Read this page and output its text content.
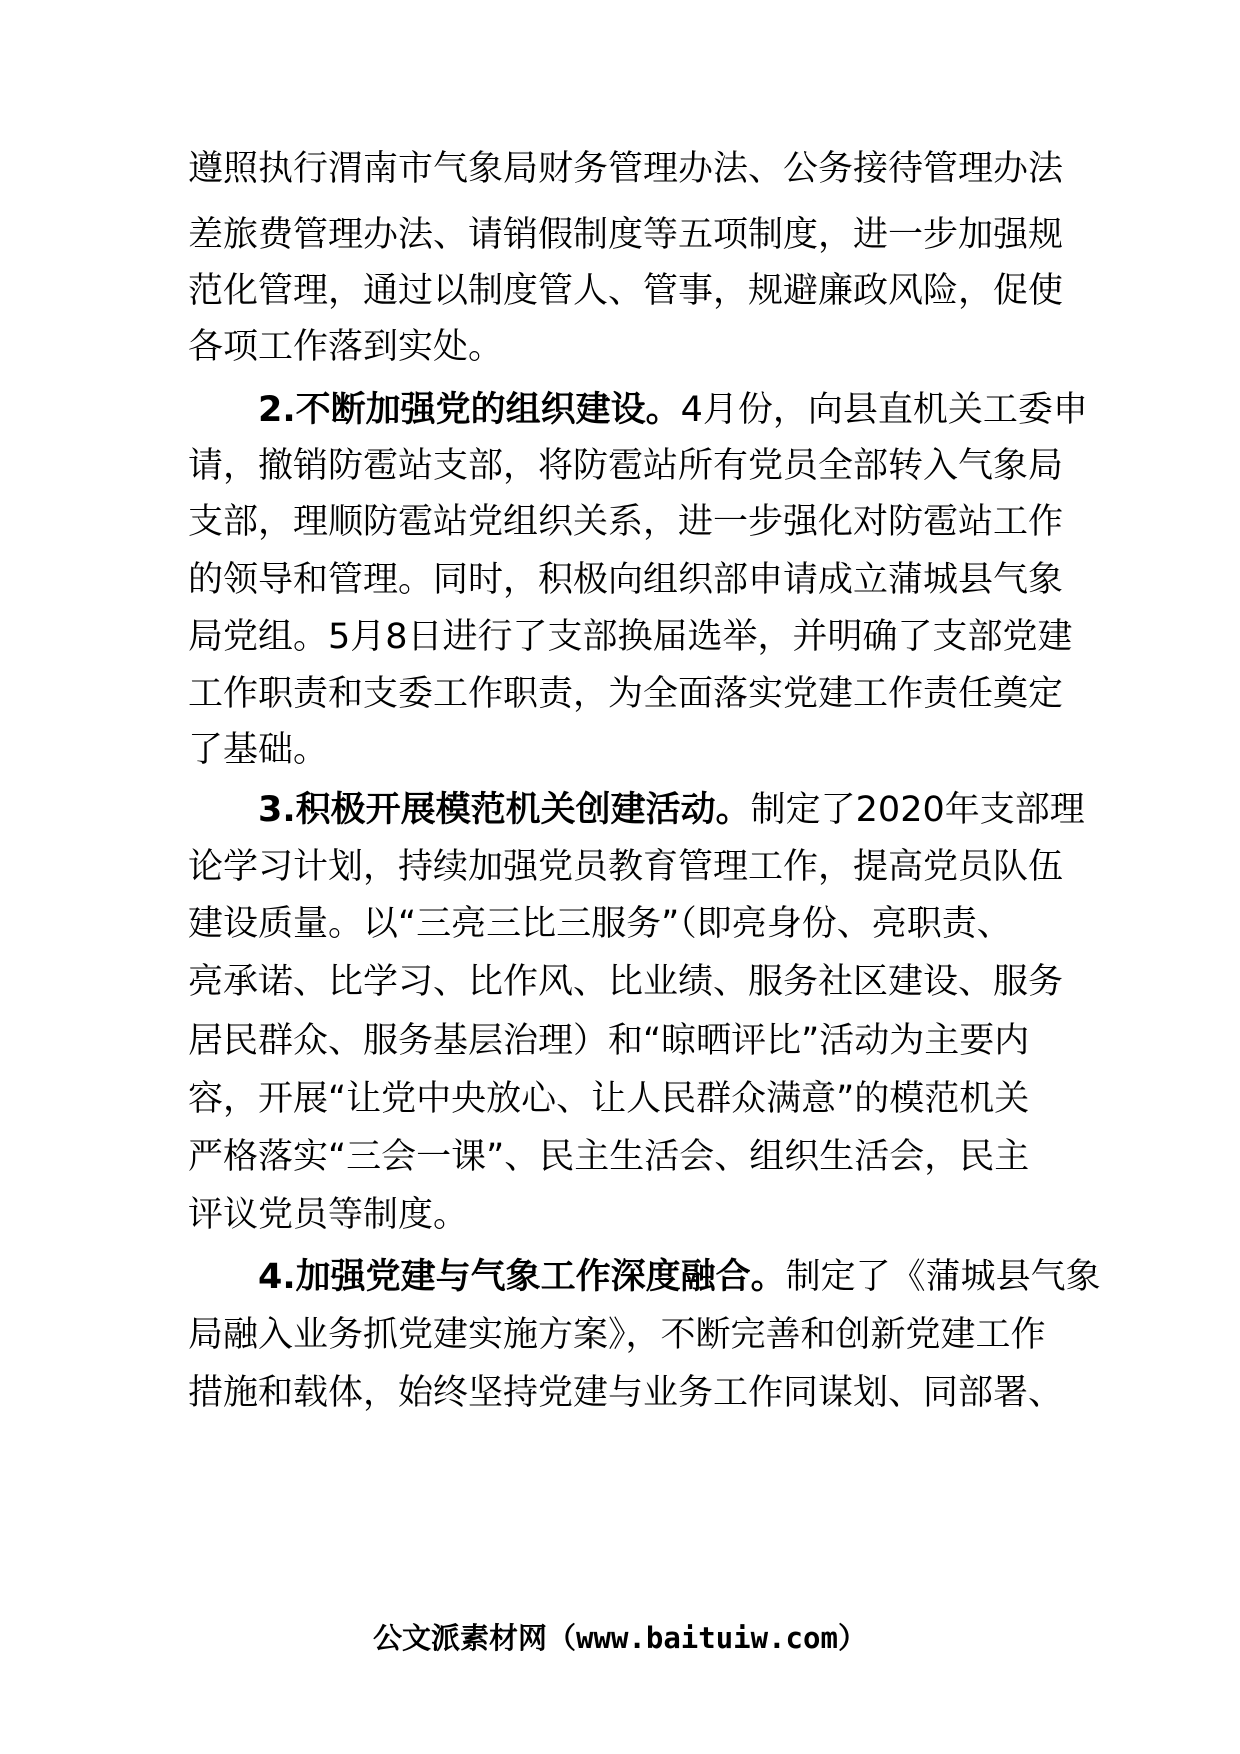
遵照执行渭南市气象局财务管理办法、公务接待管理办法
差旅费管理办法、请销假制度等五项制度，进一步加强规
范化管理，通过以制度管人、管事，规避廉政风险，促使
各项工作落到实处。
2.不断加强党的组织建设。4月份，向县直机关工委申
请，撤销防雹站支部，将防雹站所有党员全部转入气象局
支部，理顺防雹站党组织关系，进一步强化对防雹站工作
的领导和管理。同时，积极向组织部申请成立蒲城县气象
局党组。5月8日进行了支部换届选举，并明确了支部党建
工作职责和支委工作职责，为全面落实党建工作责任奠定
了基础。
3.积极开展模范机关创建活动。制定了2020年支部理
论学习计划，持续加强党员教育管理工作，提高党员队伍
建设质量。以“三亮三比三服务”（即亮身份、亮职责、
亮承诺、比学习、比作风、比业绩、服务社区建设、服务
居民群众、服务基层治理）和“晾晒评比”活动为主要内
容，开展“让党中央放心、让人民群众满意”的模范机关
严格落实“三会一课”、民主生活会、组织生活会，民主
评议党员等制度。
4.加强党建与气象工作深度融合。制定了《蒲城县气象
局融入业务抓党建实施方案》，不断完善和创新党建工作
措施和载体，始终坚持党建与业务工作同谋划、同部署、
公文派素材网（www.baituiw.com）
